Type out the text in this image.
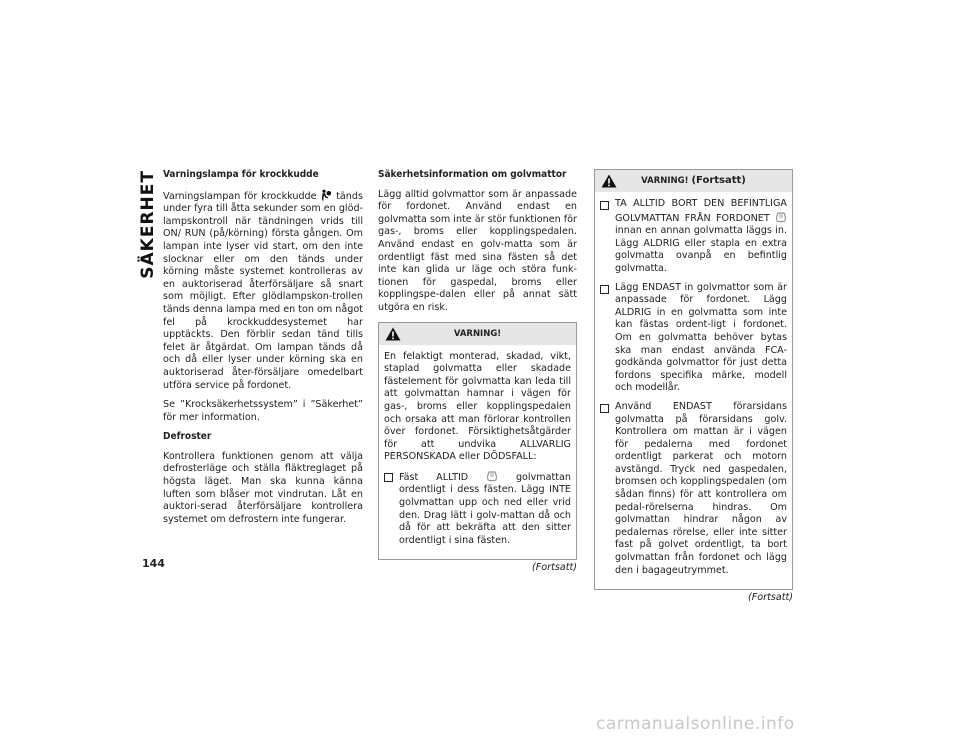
SÄKERHET
144
Varningslampa för krockkudde

Varningslampan för krockkudde tänds under fyra till åtta sekunder som en glöd-lampskontroll när tändningen vrids till ON/ RUN (på/körning) första gången. Om lampan inte lyser vid start, om den inte slocknar eller om den tänds under körning måste systemet kontrolleras av en auktoriserad återförsäljare så snart som möjligt. Efter glödlampskon-trollen tänds denna lampa med en ton om något fel på krockkuddesystemet har upptäckts. Den förblir sedan tänd tills felet är åtgärdat. Om lampan tänds då och då eller lyser under körning ska en auktoriserad åter-försäljare omedelbart utföra service på fordonet.

Se ”Krocksäkerhetssystem” i ”Säkerhet” för mer information.

Defroster

Kontrollera funktionen genom att välja defrosterläge och ställa fläktreglaget på högsta läget. Man ska kunna känna luften som blåser mot vindrutan. Låt en auktori-serad återförsäljare kontrollera systemet om defrostern inte fungerar.

Säkerhetsinformation om golvmattor

Lägg alltid golvmattor som är anpassade för fordonet. Använd endast en golvmatta som inte är stör funktionen för gas-, broms eller kopplingspedalen. Använd endast en golv-matta som är ordentligt fäst med sina fästen så det inte kan glida ur läge och störa funk-tionen för gaspedal, broms eller kopplingspe-dalen eller på annat sätt utgöra en risk.

VARNING!

En felaktigt monterad, skadad, vikt, staplad golvmatta eller skadade fästelement för golvmatta kan leda till att golvmattan hamnar i vägen för gas-, broms eller kopplingspedalen och orsaka att man förlorar kontrollen över fordonet. Försiktighetsåtgärder för att undvika ALLVARLIG PERSONSKADA eller DÖDSFALL:

Fäst ALLTID	golvmattan ordentligt i dess fästen. Lägg INTE golvmattan upp och ned eller vrid den. Drag lätt i golv-mattan då och då för att bekräfta att den sitter ordentligt i sina fästen.
(Fortsatt)
VARNING! (Fortsatt)
TA ALLTID BORT DEN BEFINTLIGA GOLVMATTAN FRÅN FORDONET  innan en annan golvmatta läggs in. Lägg ALDRIG eller stapla en extra golvmatta ovanpå en befintlig golvmatta.
Lägg ENDAST in golvmattor som är anpassade för fordonet. Lägg ALDRIG in en golvmatta som inte kan fästas ordent-ligt i fordonet. Om en golvmatta behöver bytas ska man endast använda FCA-godkända golvmattor för just detta fordons specifika märke, modell och modellår.
Använd ENDAST förarsidans golvmatta på förarsidans golv. Kontrollera om mattan är i vägen för pedalerna med fordonet ordentligt parkerat och motorn avstängd. Tryck ned gaspedalen, bromsen och kopplingspedalen (om sådan finns) för att kontrollera om pedal-rörelserna hindras. Om golvmattan hindrar någon av pedalernas rörelse, eller inte sitter fast på golvet ordentligt, ta bort golvmattan från fordonet och lägg den i bagageutrymmet.
(Fortsatt)
carmanualsonline.info
